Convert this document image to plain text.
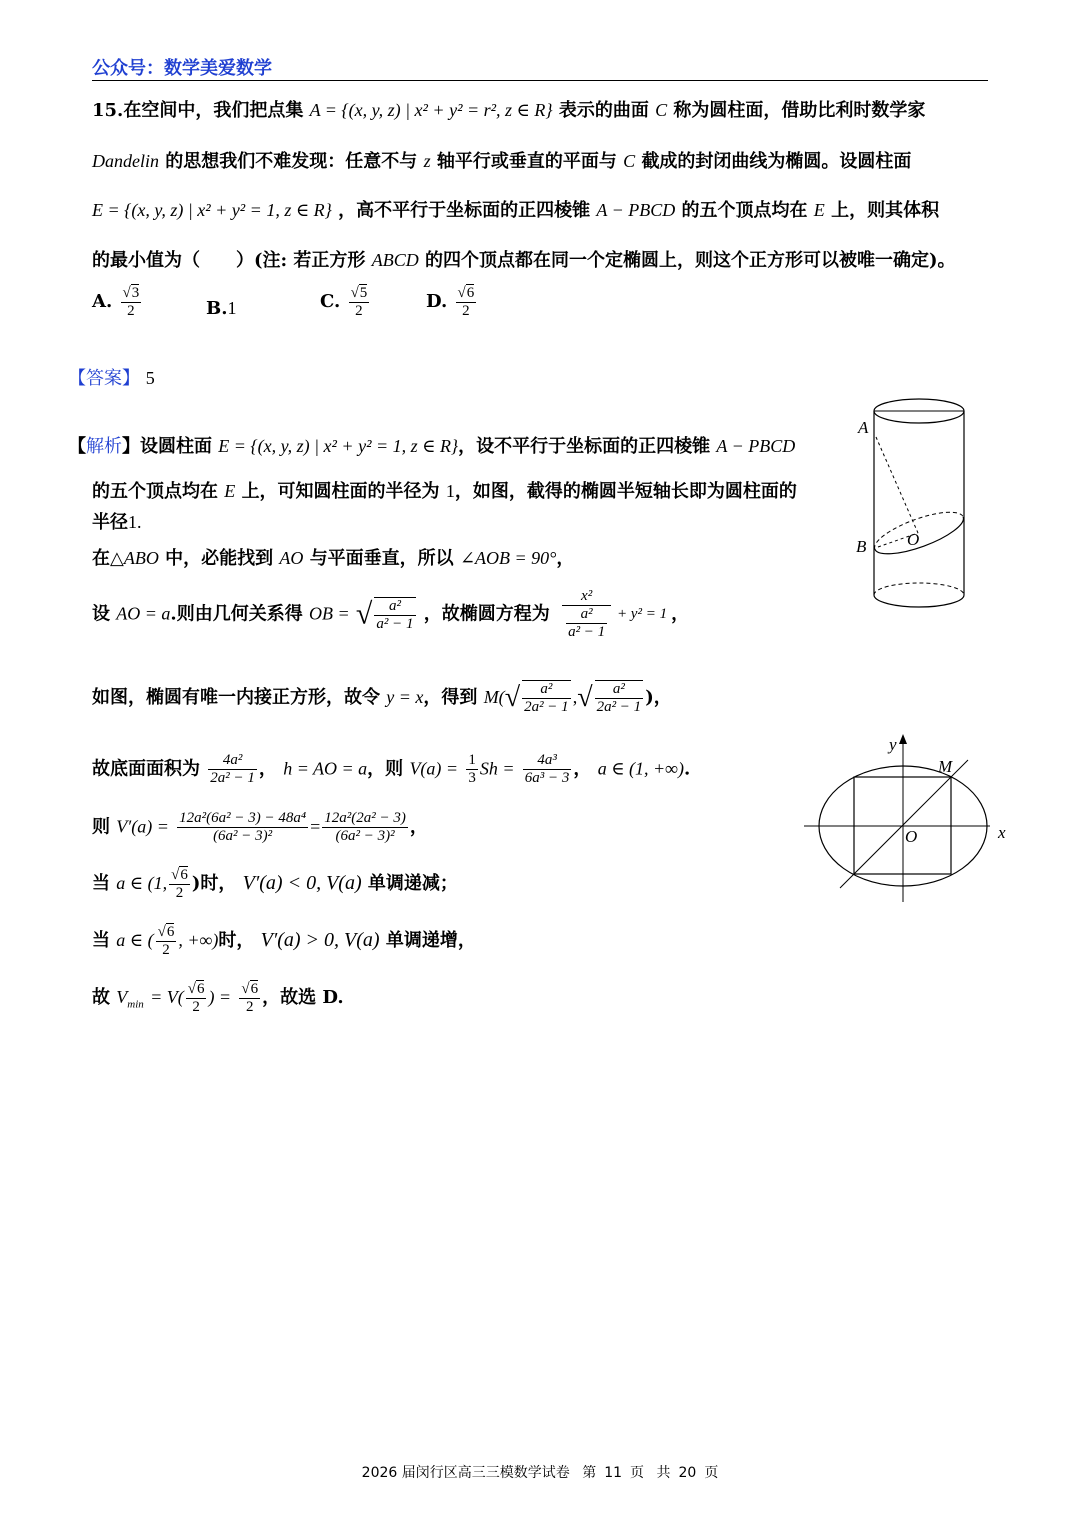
公众号：数学美爱数学
15.在空间中，我们把点集 A = {(x, y, z) | x² + y² = r², z ∈ R} 表示的曲面 C 称为圆柱面，借助比利时数学家
Dandelin 的思想我们不难发现：任意不与 z 轴平行或垂直的平面与 C 截成的封闭曲线为椭圆。设圆柱面
E = {(x, y, z) | x² + y² = 1, z ∈ R} ，高不平行于坐标面的正四棱锥 A − PBCD 的五个顶点均在 E 上，则其体积
的最小值为（　　）(注: 若正方形 ABCD 的四个顶点都在同一个定椭圆上，则这个正方形可以被唯一确定)。
A. √ $\frac{3}{2}$	B.1	C. √ $\frac{5}{2}$	D. √ $\frac{6}{2}$
【答案】 5
【解析】设圆柱面 E = {(x, y, z) | x² + y² = 1, z ∈ R}，设不平行于坐标面的正四棱锥 A − PBCD
的五个顶点均在 E 上，可知圆柱面的半径为 1，如图，截得的椭圆半短轴长即为圆柱面的
半径1.
在△ABO 中，必能找到 AO 与平面垂直，所以 ∠AOB = 90°，
设 AO = a.则由几何关系得 OB = √ $\frac{\text{a²}}{\text{a² − 1}}$ ，故椭圆方程为 $\frac{\text{x²}}{\frac{\text{a²}}{\text{a² − 1}}} + y^2 = 1$ ，
如图，椭圆有唯一内接正方形，故令 y = x，得到 $M(√ \frac{\text{a²}}{\text{2a² − 1}}$ ,√ $\frac{\text{a²}}{\text{2a² − 1}}$ )，
故底面面积为 $\frac{\text{4a²}}{\text{2a² − 1}}$ ， h = AO = a，则 $V(a) = \frac{1}{3}$ $Sh = \frac{\text{4a³}}{\text{6a³ − 3}}$ ， a ∈ (1, +∞).
则 $V'(a) = \frac{\text{12a²(6a² − 3) − 48a⁴}}{\text{(6a² − 3)²}} = \frac{\text{12a²(2a² − 3)}}{\text{(6a² − 3)²}}$ ，
当 a ∈ (1, √ $\frac{6}{2}$ )时， V′(a) < 0, V(a) 单调递减；
当 a ∈ ( √ $\frac{6}{2}$ , +∞)时， V′(a) > 0, V(a) 单调递增，
故 $V_{min} = V$( √ $\frac{6}{2}$ ) = √ $\frac{6}{2}$ ，故选 D.
A
B O
y
M
O	x
2026 届闵行区高三三模数学试卷 第 11 页 共 20 页
